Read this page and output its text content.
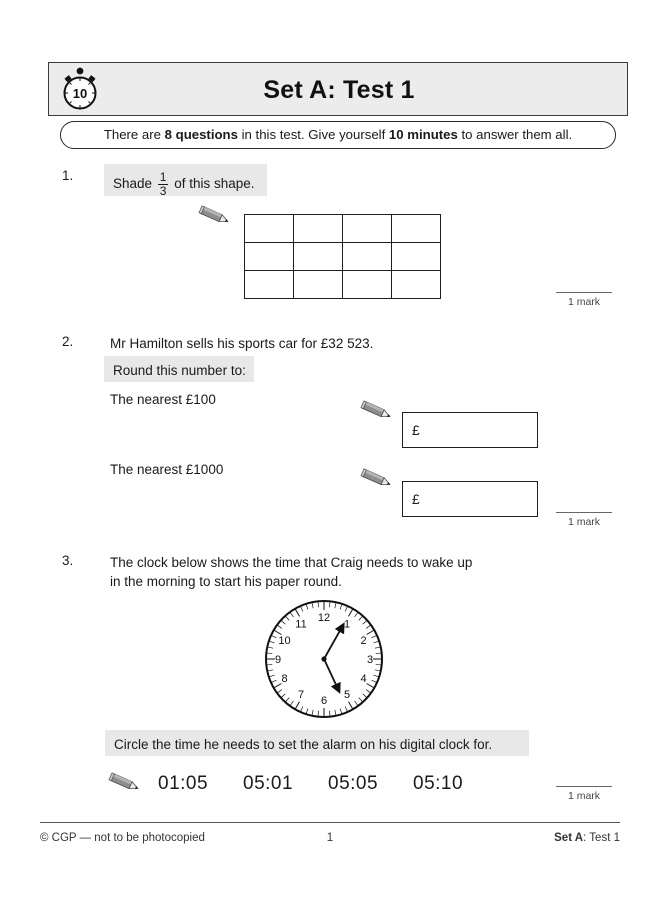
10	Set A: Test 1
There are 8 questions in this test. Give yourself 10 minutes to answer them all.
1.
Shade $\frac{1}{3}$ of this shape.
1 mark
2.	Mr Hamilton sells his sports car for £32 523.
Round this number to:
The nearest £100
£
The nearest £1000
£
1 mark
3.	The clock below shows the time that Craig needs to wake up
in the morning to start his paper round.
12
1
2
3
4
5
6
7
8
9
10
11
Circle the time he needs to set the alarm on his digital clock for.
01:05 05:01 05:05 05:10
1 mark
© CGP — not to be photocopied	1	Set A: Test 1
